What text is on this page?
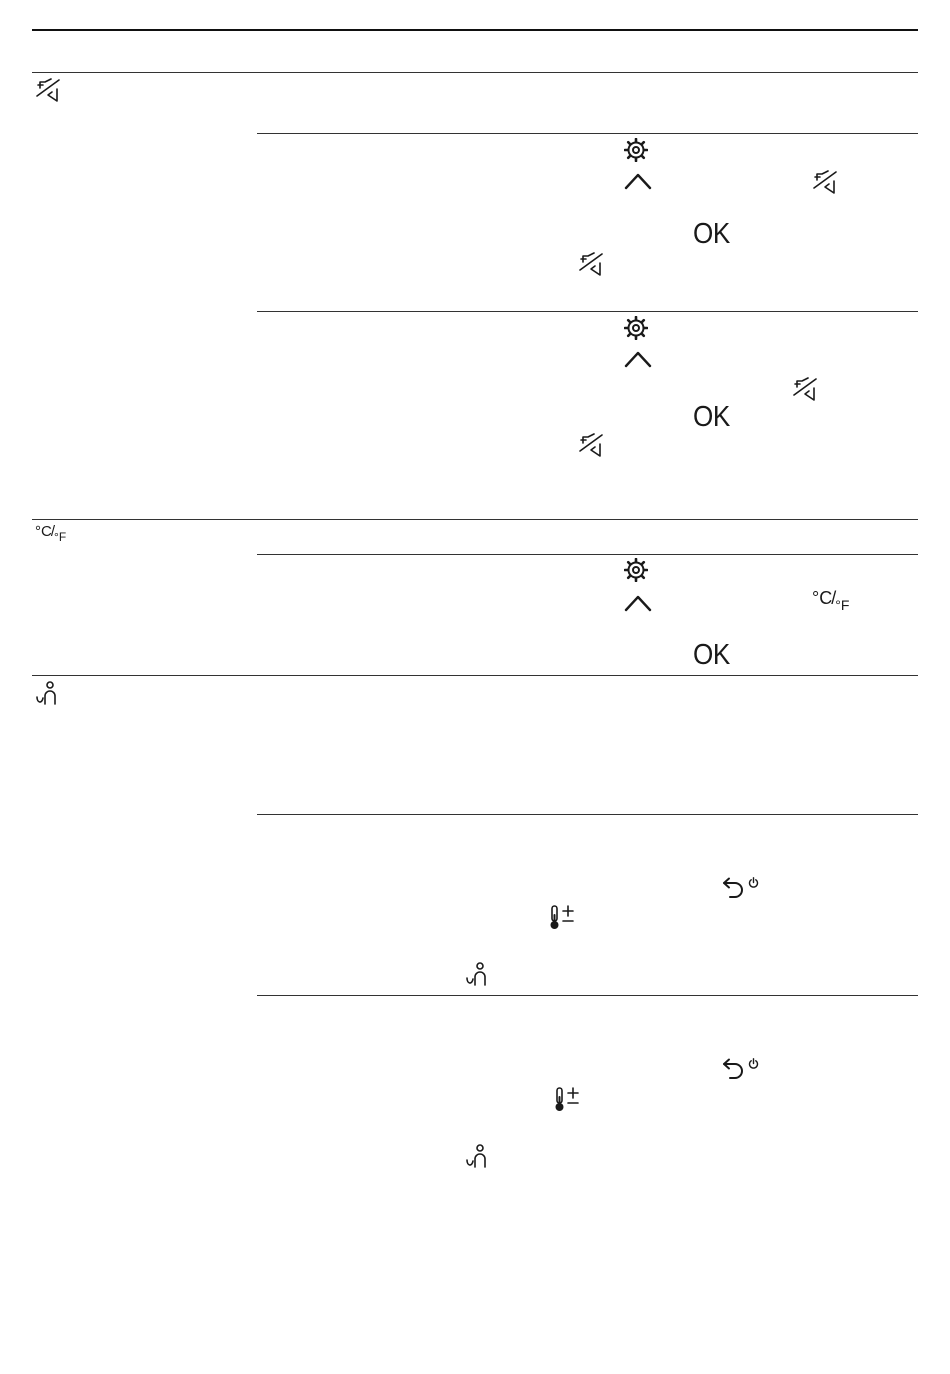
OK
OK
°C/°F
°C/°F
OK
